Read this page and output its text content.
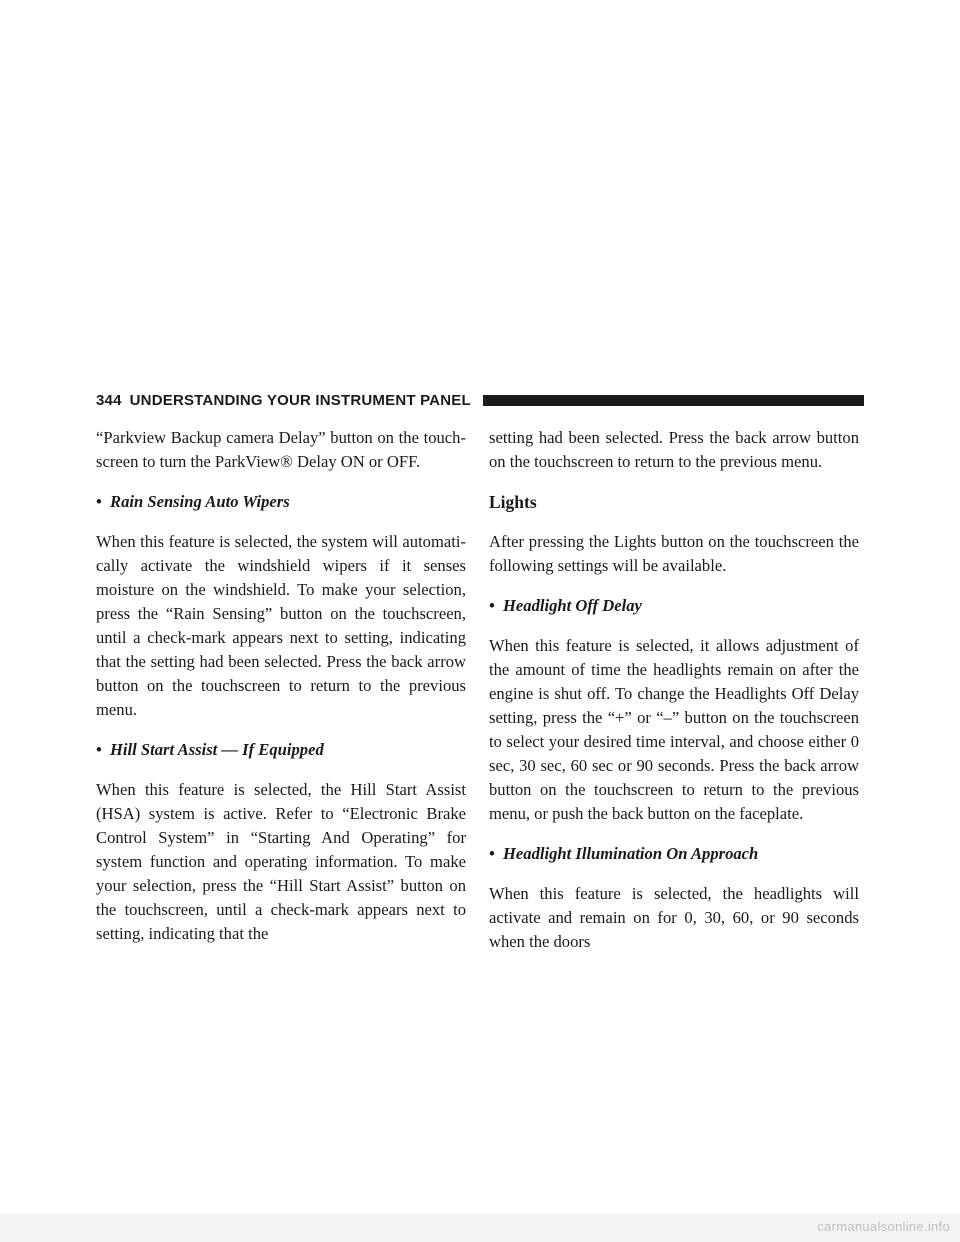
344 UNDERSTANDING YOUR INSTRUMENT PANEL

“Parkview Backup camera Delay” button on the touch-screen to turn the ParkView® Delay ON or OFF.

• Rain Sensing Auto Wipers

When this feature is selected, the system will automati-cally activate the windshield wipers if it senses moisture on the windshield. To make your selection, press the “Rain Sensing” button on the touchscreen, until a check-mark appears next to setting, indicating that the setting had been selected. Press the back arrow button on the touchscreen to return to the previous menu.

• Hill Start Assist — If Equipped

When this feature is selected, the Hill Start Assist (HSA) system is active. Refer to “Electronic Brake Control System” in “Starting And Operating” for system function and operating information. To make your selection, press the “Hill Start Assist” button on the touchscreen, until a check-mark appears next to setting, indicating that the

setting had been selected. Press the back arrow button on the touchscreen to return to the previous menu.

Lights

After pressing the Lights button on the touchscreen the following settings will be available.

• Headlight Off Delay

When this feature is selected, it allows adjustment of the amount of time the headlights remain on after the engine is shut off. To change the Headlights Off Delay setting, press the “+” or “–” button on the touchscreen to select your desired time interval, and choose either 0 sec, 30 sec, 60 sec or 90 seconds. Press the back arrow button on the touchscreen to return to the previous menu, or push the back button on the faceplate.

• Headlight Illumination On Approach

When this feature is selected, the headlights will activate and remain on for 0, 30, 60, or 90 seconds when the doors

carmanualsonline.info
